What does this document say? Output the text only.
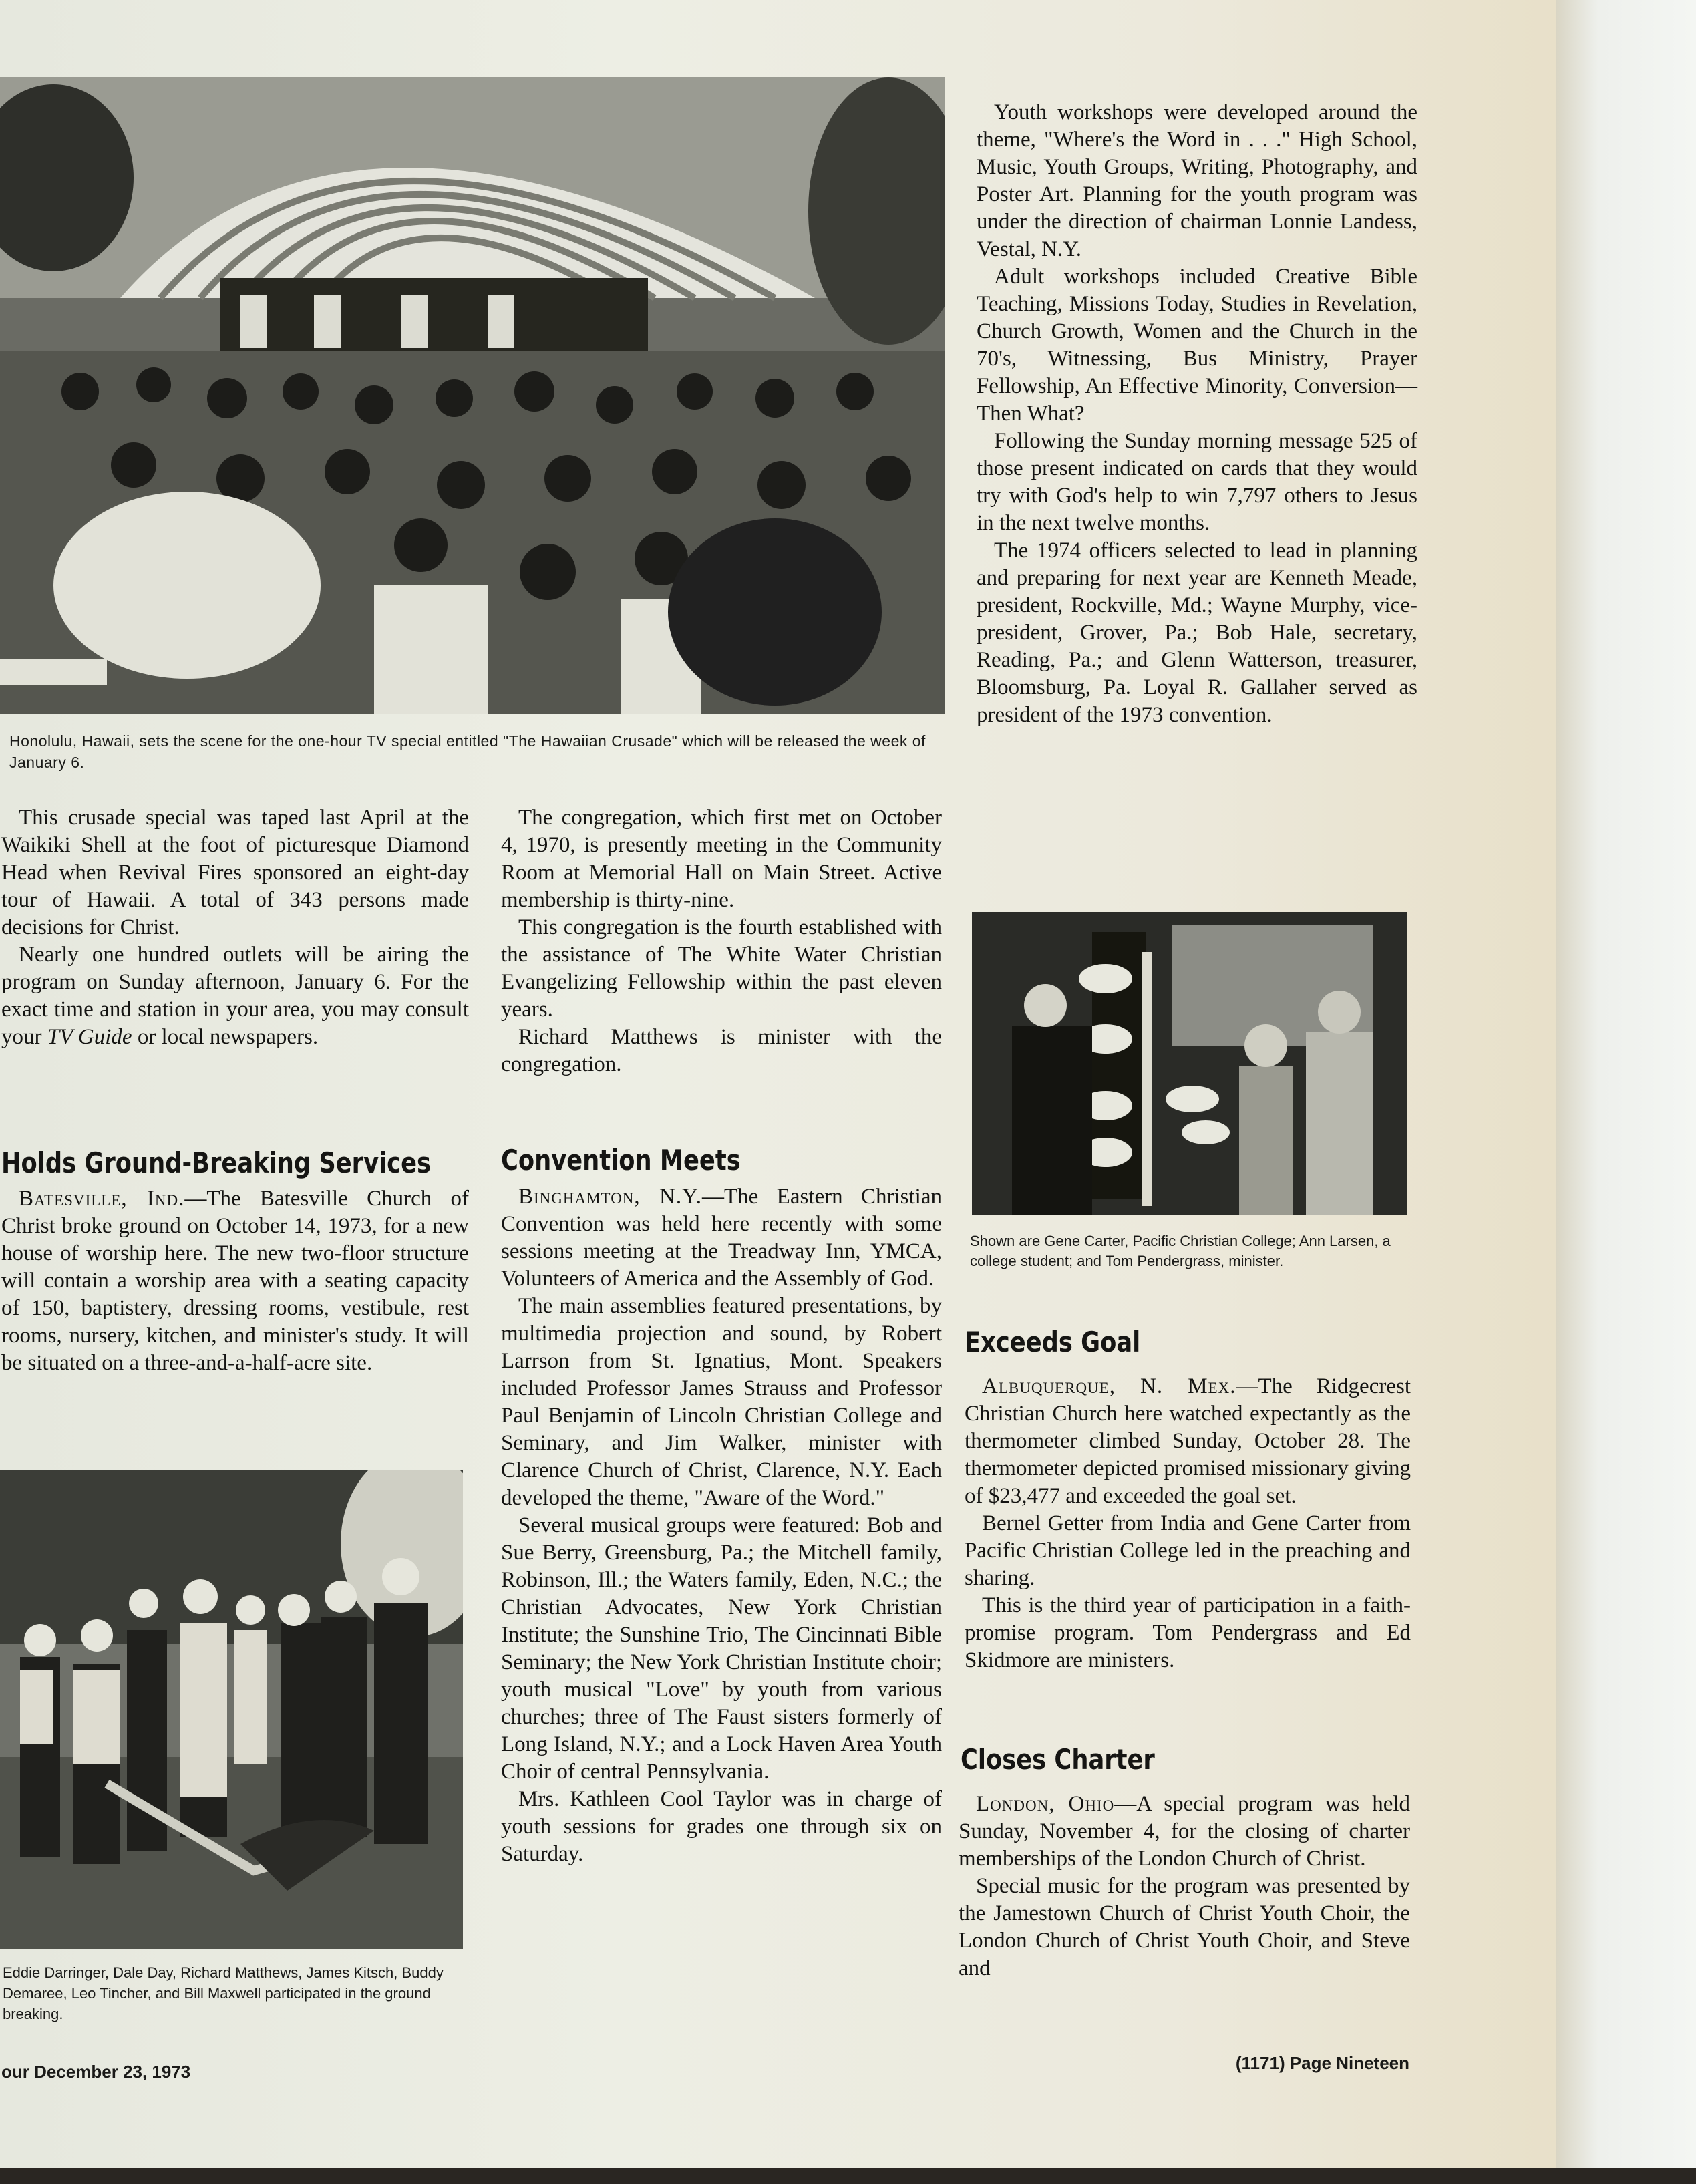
Honolulu, Hawaii, sets the scene for the one-hour TV special entitled "The Hawaiian Crusade" which will be released the week of January 6.

This crusade special was taped last April at the Waikiki Shell at the foot of picturesque Diamond Head when Revival Fires sponsored an eight-day tour of Hawaii. A total of 343 persons made decisions for Christ.

Nearly one hundred outlets will be airing the program on Sunday afternoon, January 6. For the exact time and station in your area, you may consult your TV Guide or local newspapers.

Holds Ground-Breaking Services

Batesville, Ind.—The Batesville Church of Christ broke ground on October 14, 1973, for a new house of worship here. The new two-floor structure will contain a worship area with a seating capacity of 150, baptistery, dressing rooms, vestibule, rest rooms, nursery, kitchen, and minister's study. It will be situated on a three-and-a-half-acre site.

Eddie Darringer, Dale Day, Richard Matthews, James Kitsch, Buddy Demaree, Leo Tincher, and Bill Maxwell participated in the ground breaking.

The congregation, which first met on October 4, 1970, is presently meeting in the Community Room at Memorial Hall on Main Street. Active membership is thirty-nine.

This congregation is the fourth established with the assistance of The White Water Christian Evangelizing Fellowship within the past eleven years.

Richard Matthews is minister with the congregation.

Convention Meets

Binghamton, N.Y.—The Eastern Christian Convention was held here recently with some sessions meeting at the Treadway Inn, YMCA, Volunteers of America and the Assembly of God.

The main assemblies featured presentations, by multimedia projection and sound, by Robert Larrson from St. Ignatius, Mont. Speakers included Professor James Strauss and Professor Paul Benjamin of Lincoln Christian College and Seminary, and Jim Walker, minister with Clarence Church of Christ, Clarence, N.Y. Each developed the theme, "Aware of the Word."

Several musical groups were featured: Bob and Sue Berry, Greensburg, Pa.; the Mitchell family, Robinson, Ill.; the Waters family, Eden, N.C.; the Christian Advocates, New York Christian Institute; the Sunshine Trio, The Cincinnati Bible Seminary; the New York Christian Institute choir; youth musical "Love" by youth from various churches; three of The Faust sisters formerly of Long Island, N.Y.; and a Lock Haven Area Youth Choir of central Pennsylvania.

Mrs. Kathleen Cool Taylor was in charge of youth sessions for grades one through six on Saturday.

Youth workshops were developed around the theme, "Where's the Word in . . ." High School, Music, Youth Groups, Writing, Photography, and Poster Art. Planning for the youth program was under the direction of chairman Lonnie Landess, Vestal, N.Y.

Adult workshops included Creative Bible Teaching, Missions Today, Studies in Revelation, Church Growth, Women and the Church in the 70's, Witnessing, Bus Ministry, Prayer Fellowship, An Effective Minority, Conversion—Then What?

Following the Sunday morning message 525 of those present indicated on cards that they would try with God's help to win 7,797 others to Jesus in the next twelve months.

The 1974 officers selected to lead in planning and preparing for next year are Kenneth Meade, president, Rockville, Md.; Wayne Murphy, vice-president, Grover, Pa.; Bob Hale, secretary, Reading, Pa.; and Glenn Watterson, treasurer, Bloomsburg, Pa. Loyal R. Gallaher served as president of the 1973 convention.

Shown are Gene Carter, Pacific Christian College; Ann Larsen, a college student; and Tom Pendergrass, minister.
Exceeds Goal

Albuquerque, N. Mex.—The Ridgecrest Christian Church here watched expectantly as the thermometer climbed Sunday, October 28. The thermometer depicted promised missionary giving of $23,477 and exceeded the goal set.

Bernel Getter from India and Gene Carter from Pacific Christian College led in the preaching and sharing.

This is the third year of participation in a faith-promise program. Tom Pendergrass and Ed Skidmore are ministers.

Closes Charter

London, Ohio—A special program was held Sunday, November 4, for the closing of charter memberships of the London Church of Christ.

Special music for the program was presented by the Jamestown Church of Christ Youth Choir, the London Church of Christ Youth Choir, and Steve and

our December 23, 1973	(1171) Page Nineteen
